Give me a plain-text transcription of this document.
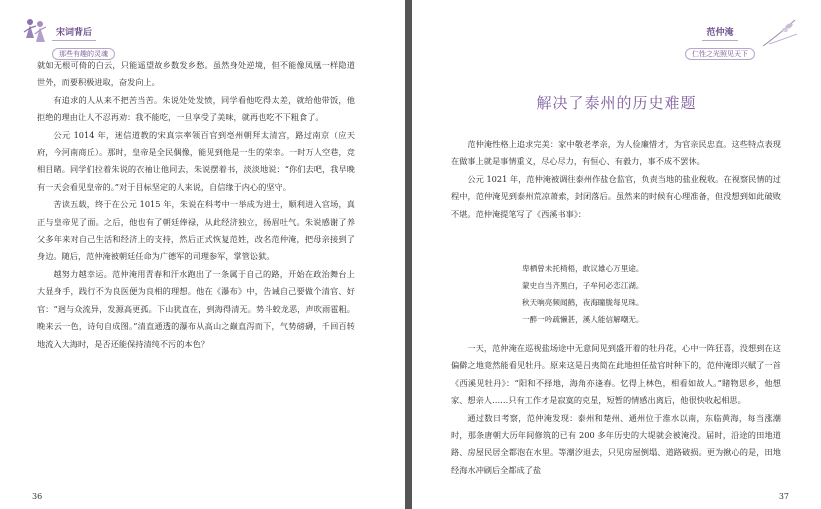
宋词背后
那些有趣的灵魂

就如无根可倚的白云，只能遥望故乡数发乡愁。虽然身处逆境，但不能像凤凰一样隐道世外，而要积极进取，奋发向上。

有追求的人从来不把苦当苦。朱说处处发愤，同学看他吃得太差，就给他带饭，他拒绝的理由让人不忍再劝：我不能吃，一旦享受了美味，就再也吃不下粗食了。

公元 1014 年，迷信道教的宋真宗率领百官到亳州朝拜太清宫，路过南京（应天府，今河南商丘）。那时，皇帝是全民偶像，能见到他是一生的荣幸。一时万人空巷，竞相目睹。同学们拉着朱说的衣袖让他同去，朱说摆着书，淡淡地说：“你们去吧，我早晚有一天会看见皇帝的。”对于目标坚定的人来说，自信缘于内心的坚守。

苦读五载，终于在公元 1015 年，朱说在科考中一举成为进士，顺利进入官场，真正与皇帝见了面。之后，他也有了朝廷俸禄，从此经济独立，扬眉吐气。朱说感谢了养父多年来对自己生活和经济上的支持，然后正式恢复范姓，改名范仲淹，把母亲接到了身边。随后，范仲淹被朝廷任命为广德军的司理参军，掌管讼狱。

越努力越幸运。范仲淹用青春和汗水跑出了一条属于自己的路，开始在政治舞台上大显身手，践行不为良医便为良相的理想。他在《瀑布》中，告诫自己要做个清官、好官：“迥与众流异，发源高更孤。下山犹直在，到海得清无。势斗蛟龙恶，声吹雨雹粗。晚来云一色，诗句自成图。”清直通透的瀑布从高山之巅直泻而下，气势磅礴，千回百转地流入大海时，是否还能保持清纯不污的本色？

36
范仲淹
仁性之光照见天下
解决了泰州的历史难题

范仲淹性格上追求完美：家中敬老孝亲，为人俭廉惜才，为官亲民忠直。这些特点表现在做事上就是事情重义，尽心尽力，有恒心、有毅力，事不成不罢休。

公元 1021 年，范仲淹被调往泰州作盐仓监官，负责当地的盐业税收。在视察民情的过程中，范仲淹见到泰州荒凉萧索，封闭落后。虽然来的时候有心理准备，但没想到如此破败不堪。范仲淹提笔写了《西溪书事》：

卑栖曾未托椅梧，敢议雄心万里途。
蒙史自当齐黑白，子牟何必恋江湖。
秋天响亮频闻鹤，夜海瞳胧每见珠。
一醉一吟疏懒甚，溪人能信解嘲无。

一天，范仲淹在巡视盐场途中无意间见到盛开着的牡丹花，心中一阵狂喜，没想到在这偏僻之地竟然能看见牡丹。原来这是吕夷简在此地担任盐官时种下的，范仲淹即兴赋了一首《西溪见牡丹》：“阳和不择地，海角亦逢春。忆得上林色，相看如故人。”睹物思乡，他想家、想亲人……只有工作才是寂寞的克星，短暂的情感出离后，他很快收起相思。

通过数日考察，范仲淹发现：泰州和楚州、通州位于淮水以南，东临黄海，每当涨潮时，那条唐朝大历年间修筑的已有 200 多年历史的大堤就会被淹没。届时，沿途的田地道路、房屋民居全都泡在水里。等潮汐退去，只见房屋倒塌、道路破损。更为揪心的是，田地经海水冲刷后全都成了盐

37
